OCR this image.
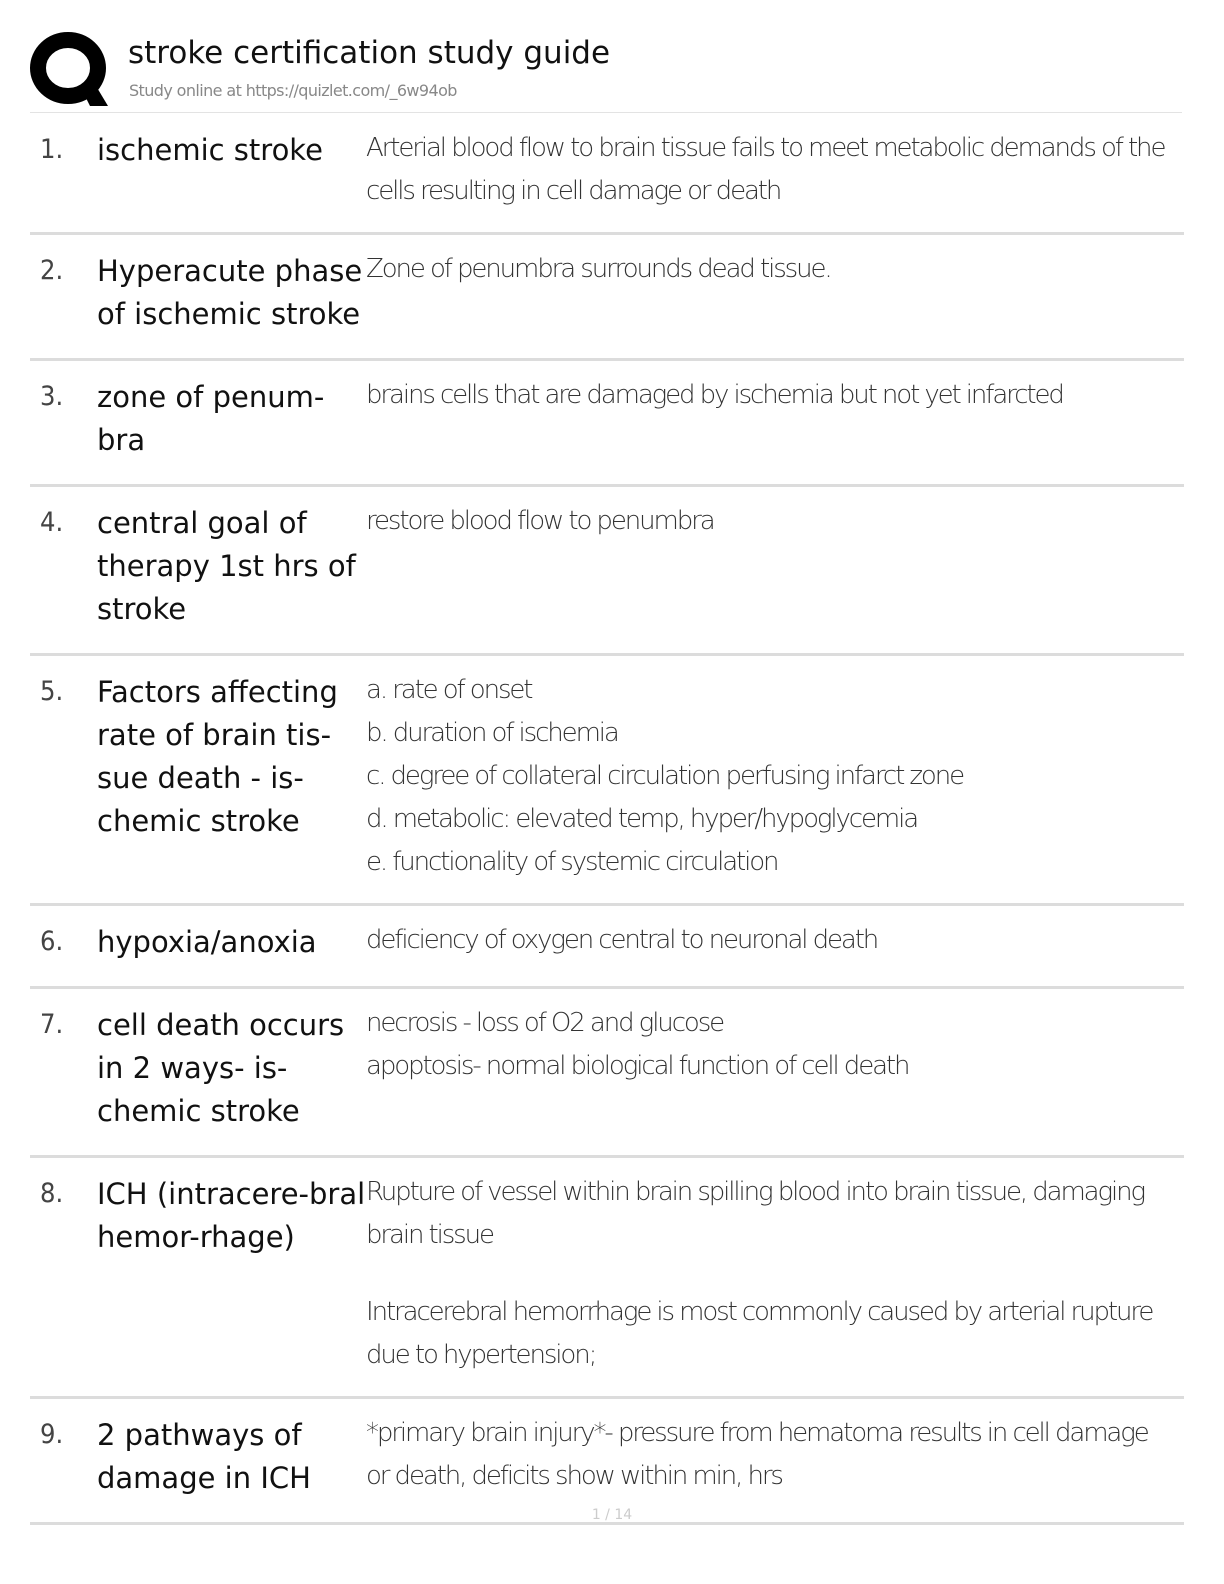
stroke certification study guide
Study online at https://quizlet.com/_6w94ob
1. ischemic stroke	Arterial blood flow to brain tissue fails to meet metabolic demands of the cells resulting in cell damage or death
2. Hyperacute phase of ischemic stroke
Zone of penumbra surrounds dead tissue.
3. zone of penum-bra
brains cells that are damaged by ischemia but not yet infarcted
4. central goal of therapy 1st hrs of stroke
restore blood flow to penumbra
5. Factors affecting rate of brain tis-sue death - is-chemic stroke
a. rate of onset
b. duration of ischemia
c. degree of collateral circulation perfusing infarct zone
d. metabolic: elevated temp, hyper/hypoglycemia
e. functionality of systemic circulation
6. hypoxia/anoxia	deficiency of oxygen central to neuronal death
7. cell death occurs in 2 ways- is-chemic stroke
necrosis - loss of O2 and glucose
apoptosis- normal biological function of cell death
8. ICH (intracere-bral hemor-rhage)
Rupture of vessel within brain spilling blood into brain tissue, damaging brain tissue
Intracerebral hemorrhage is most commonly caused by arterial rupture due to hypertension;
9. 2 pathways of damage in ICH
*primary brain injury*- pressure from hematoma results in cell damage or death, deficits show within min, hrs
1 / 14
